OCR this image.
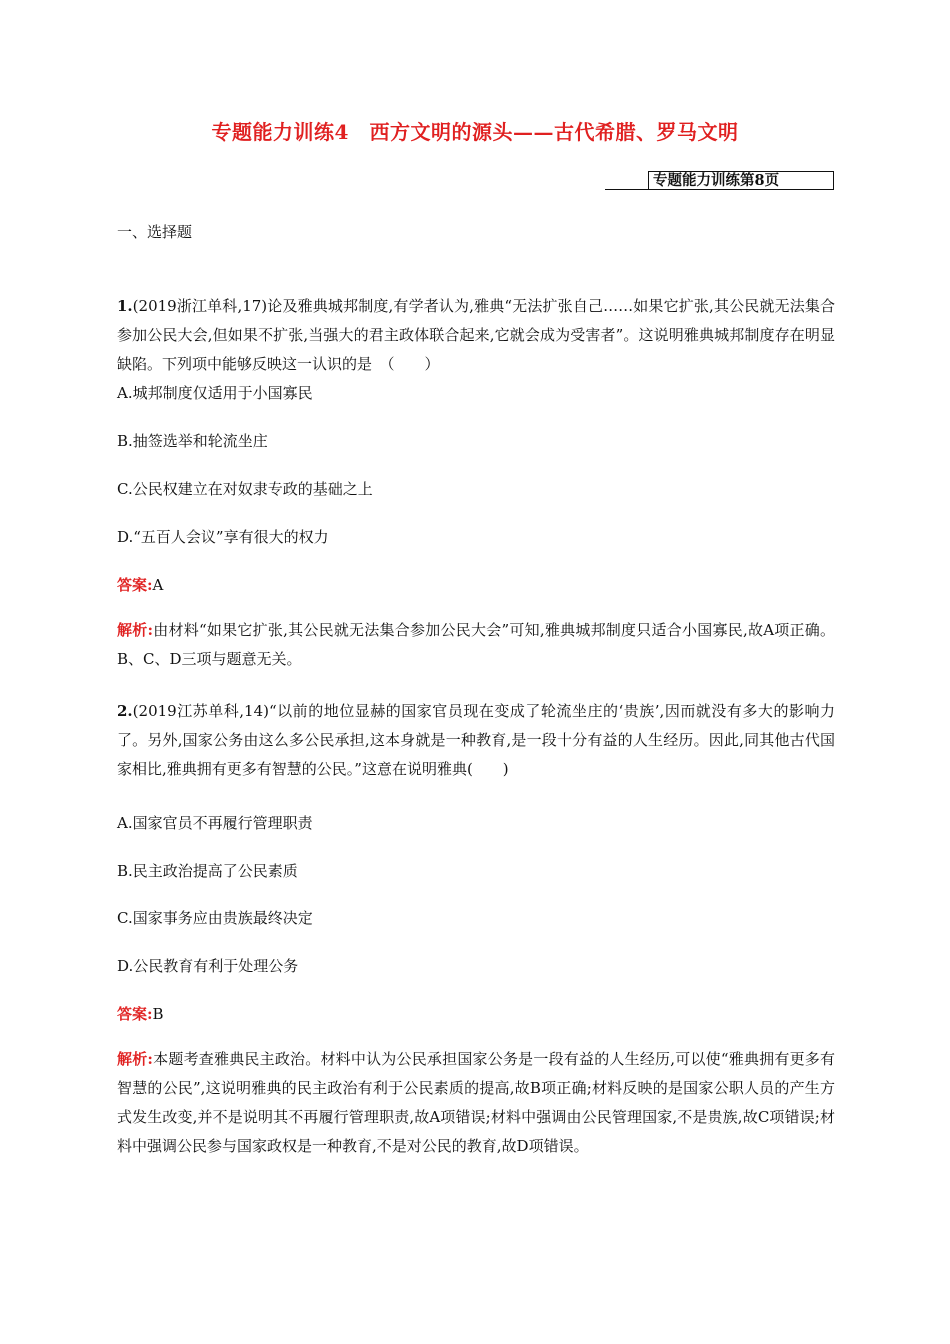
专题能力训练4　西方文明的源头——古代希腊、罗马文明
专题能力训练第8页
一、选择题
1.(2019浙江单科,17)论及雅典城邦制度,有学者认为,雅典“无法扩张自己……如果它扩张,其公民就无法集合参加公民大会,但如果不扩张,当强大的君主政体联合起来,它就会成为受害者”。这说明雅典城邦制度存在明显缺陷。下列项中能够反映这一认识的是　（　　）
A.城邦制度仅适用于小国寡民
B.抽签选举和轮流坐庄
C.公民权建立在对奴隶专政的基础之上
D.“五百人会议”享有很大的权力
答案:A
解析:由材料“如果它扩张,其公民就无法集合参加公民大会”可知,雅典城邦制度只适合小国寡民,故A项正确。B、C、D三项与题意无关。
2.(2019江苏单科,14)“以前的地位显赫的国家官员现在变成了轮流坐庄的‘贵族’,因而就没有多大的影响力了。另外,国家公务由这么多公民承担,这本身就是一种教育,是一段十分有益的人生经历。因此,同其他古代国家相比,雅典拥有更多有智慧的公民。”这意在说明雅典(　　)
A.国家官员不再履行管理职责
B.民主政治提高了公民素质
C.国家事务应由贵族最终决定
D.公民教育有利于处理公务
答案:B
解析:本题考查雅典民主政治。材料中认为公民承担国家公务是一段有益的人生经历,可以使“雅典拥有更多有智慧的公民”,这说明雅典的民主政治有利于公民素质的提高,故B项正确;材料反映的是国家公职人员的产生方式发生改变,并不是说明其不再履行管理职责,故A项错误;材料中强调由公民管理国家,不是贵族,故C项错误;材料中强调公民参与国家政权是一种教育,不是对公民的教育,故D项错误。
